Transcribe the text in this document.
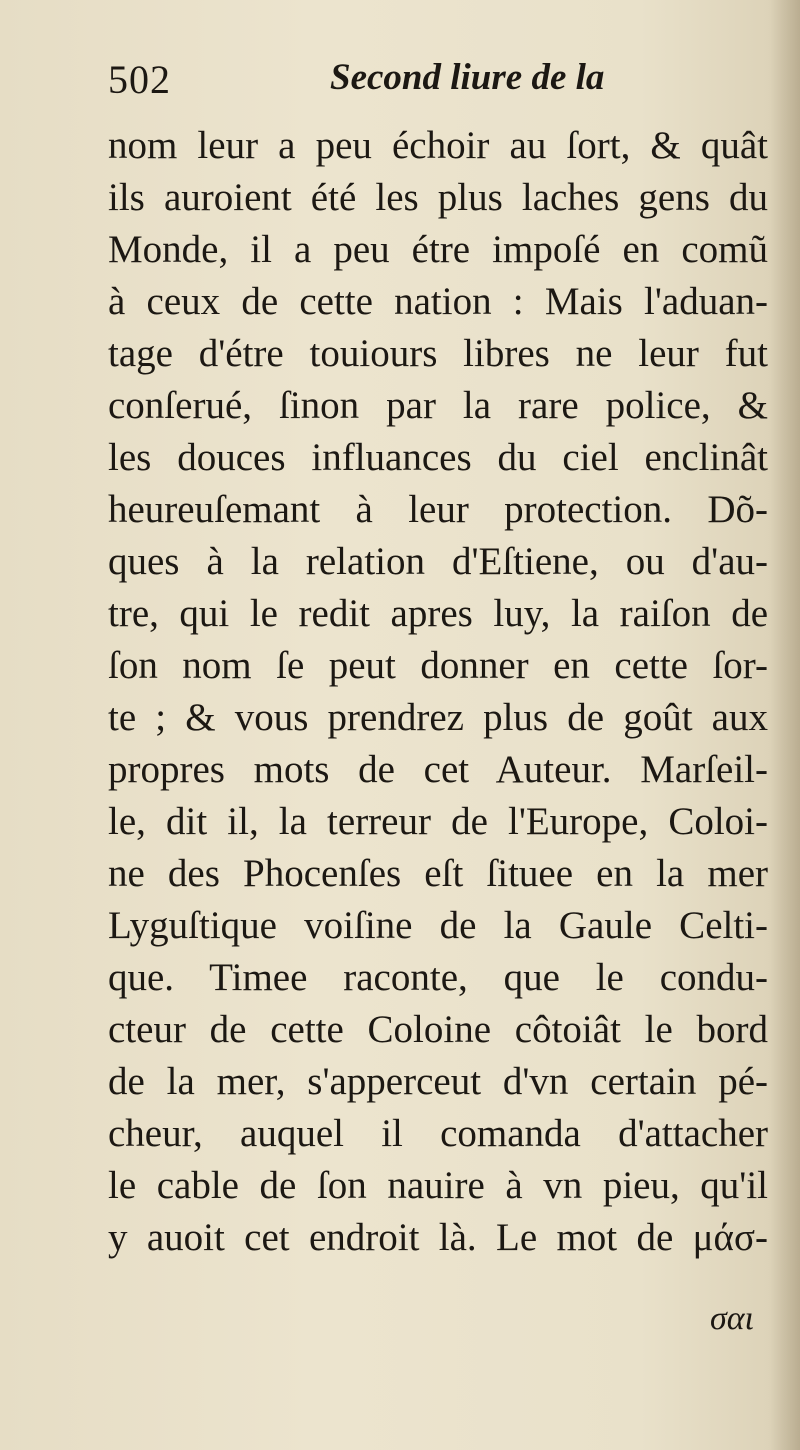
502	Second liure de la
nom leur a peu échoir au ſort, & quât
ils auroient été les plus laches gens du
Monde, il a peu étre impoſé en comũ
à ceux de cette nation : Mais l'aduan-
tage d'étre touiours libres ne leur fut
conſerué, ſinon par la rare police, &
les douces influances du ciel enclinât
heureuſemant à leur protection. Dõ-
ques à la relation d'Eſtiene, ou d'au-
tre, qui le redit apres luy, la raiſon de
ſon nom ſe peut donner en cette ſor-
te ; & vous prendrez plus de goût aux
propres mots de cet Auteur. Marſeil-
le, dit il, la terreur de l'Europe, Coloi-
ne des Phocenſes eſt ſituee en la mer
Lyguſtique voiſine de la Gaule Celti-
que. Timee raconte, que le condu-
cteur de cette Coloine côtoiât le bord
de la mer, s'apperceut d'vn certain pé-
cheur, auquel il comanda d'attacher
le cable de ſon nauire à vn pieu, qu'il
y auoit cet endroit là. Le mot de μάσ-
σαι
